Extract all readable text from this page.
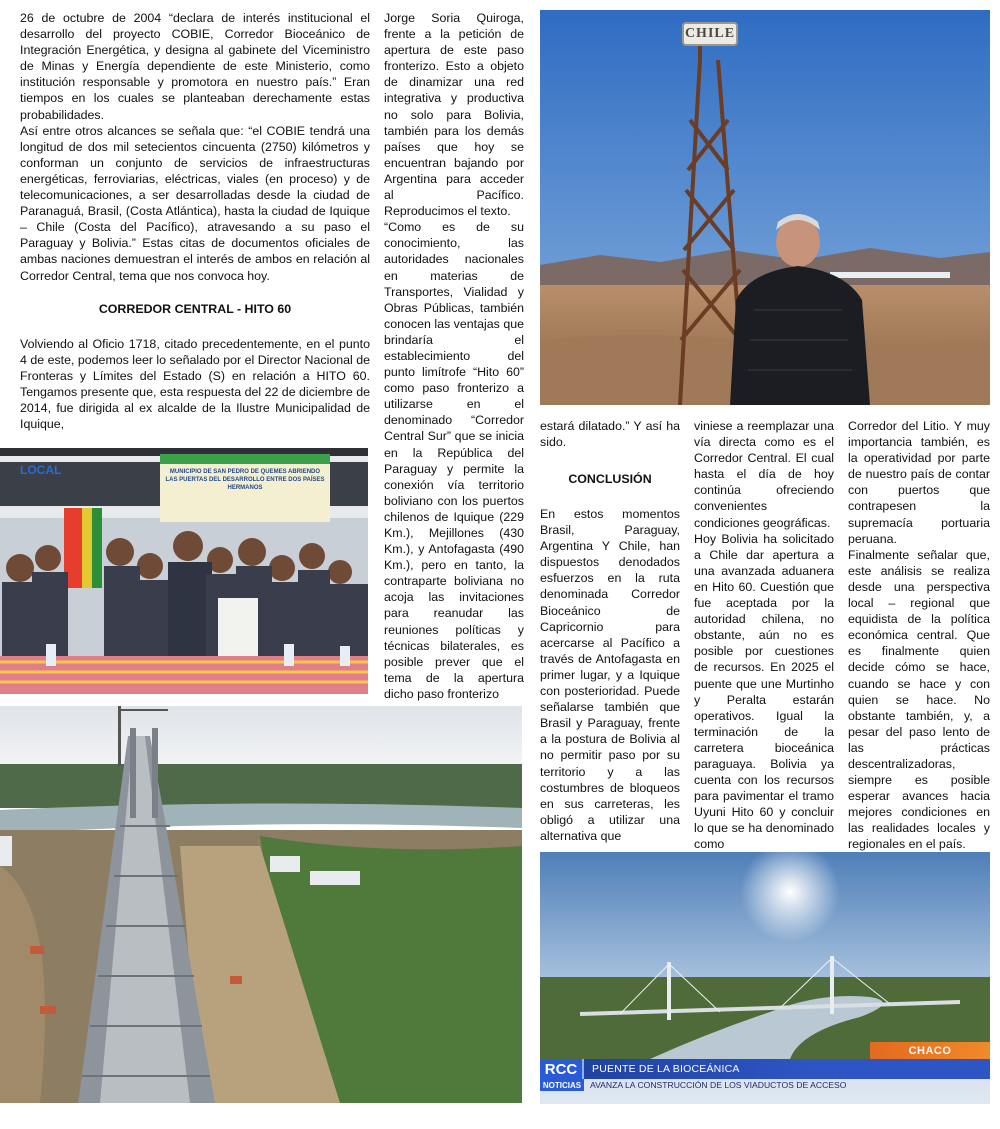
26 de octubre de 2004 “declara de interés institucional el desarrollo del proyecto COBIE, Corredor Bioceánico de Integración Energética, y designa al gabinete del Viceministro de Minas y Energía dependiente de este Ministerio, como institución responsable y promotora en nuestro país.” Eran tiempos en los cuales se planteaban derechamente estas probabilidades.

Así entre otros alcances se señala que: “el COBIE tendrá una longitud de dos mil setecientos cincuenta (2750) kilómetros y conforman un conjunto de servicios de infraestructuras energéticas, ferroviarias, eléctricas, viales (en proceso) y de telecomunicaciones, a ser desarrolladas desde la ciudad de Paranaguá, Brasil, (Costa Atlántica), hasta la ciudad de Iquique – Chile (Costa del Pacífico), atravesando a su paso el Paraguay y Bolivia.” Estas citas de documentos oficiales de ambas naciones demuestran el interés de ambos en relación al Corredor Central, tema que nos convoca hoy.

CORREDOR CENTRAL - HITO 60
Volviendo al Oficio 1718, citado precedentemente, en el punto 4 de este, podemos leer lo señalado por el Director Nacional de Fronteras y Límites del Estado (S) en relación a HITO 60. Tengamos presente que, esta respuesta del 22 de diciembre de 2014, fue dirigida al ex alcalde de la Ilustre Municipalidad de Iquique,

Jorge Soria Quiroga, frente a la petición de apertura de este paso fronterizo. Esto a objeto de dinamizar una red integrativa y productiva no solo para Bolivia, también para los demás países que hoy se encuentran bajando por Argentina para acceder al Pacífico. Reproducimos el texto.

“Como es de su conocimiento, las autoridades nacionales en materias de Transportes, Vialidad y Obras Públicas, también conocen las ventajas que brindaría el establecimiento del punto limítrofe “Hito 60” como paso fronterizo a utilizarse en el denominado “Corredor Central Sur” que se inicia en la República del Paraguay y permite la conexión vía territorio boliviano con los puertos chilenos de Iquique (229 Km.), Mejillones (430 Km.), y Antofagasta (490 Km.), pero en tanto, la contraparte boliviana no acoja las invitaciones para reanudar las reuniones políticas y técnicas bilaterales, es posible prever que el tema de la apertura dicho paso fronterizo

estará dilatado.” Y así ha sido.
CONCLUSIÓN
En estos momentos Brasil, Paraguay, Argentina Y Chile, han dispuestos denodados esfuerzos en la ruta denominada Corredor Bioceánico de Capricornio para acercarse al Pacífico a través de Antofagasta en primer lugar, y a Iquique con posterioridad. Puede señalarse también que Brasil y Paraguay, frente a la postura de Bolivia al no permitir paso por su territorio y a las costumbres de bloqueos en sus carreteras, les obligó a utilizar una alternativa que

viniese a reemplazar una vía directa como es el Corredor Central. El cual hasta el día de hoy continúa ofreciendo convenientes condiciones geográficas.

Hoy Bolivia ha solicitado a Chile dar apertura a una avanzada aduanera en Hito 60. Cuestión que fue aceptada por la autoridad chilena, no obstante, aún no es posible por cuestiones de recursos. En 2025 el puente que une Murtinho y Peralta estarán operativos. Igual la terminación de la carretera bioceánica paraguaya. Bolivia ya cuenta con los recursos para pavimentar el tramo Uyuni Hito 60 y concluir lo que se ha denominado como

Corredor del Litio. Y muy importancia también, es la operatividad por parte de nuestro país de contar con puertos que contrapesen la supremacía portuaria peruana.

Finalmente señalar que, este análisis se realiza desde una perspectiva local – regional que equidista de la política económica central. Que es finalmente quien decide cómo se hace, cuando se hace y con quien se hace. No obstante también, y, a pesar del paso lento de las prácticas descentralizadoras, siempre es posible esperar avances hacia mejores condiciones en las realidades locales y regionales en el país.

CHILE
LOCAL	MUNICIPIO DE SAN PEDRO DE QUEMES ABRIENDO LAS PUERTAS DEL DESARROLLO ENTRE DOS PAÍSES HERMANOS
CHACO
RCC	PUENTE DE LA BIOCEÁNICA
NOTICIAS	AVANZA LA CONSTRUCCIÓN DE LOS VIADUCTOS DE ACCESO
